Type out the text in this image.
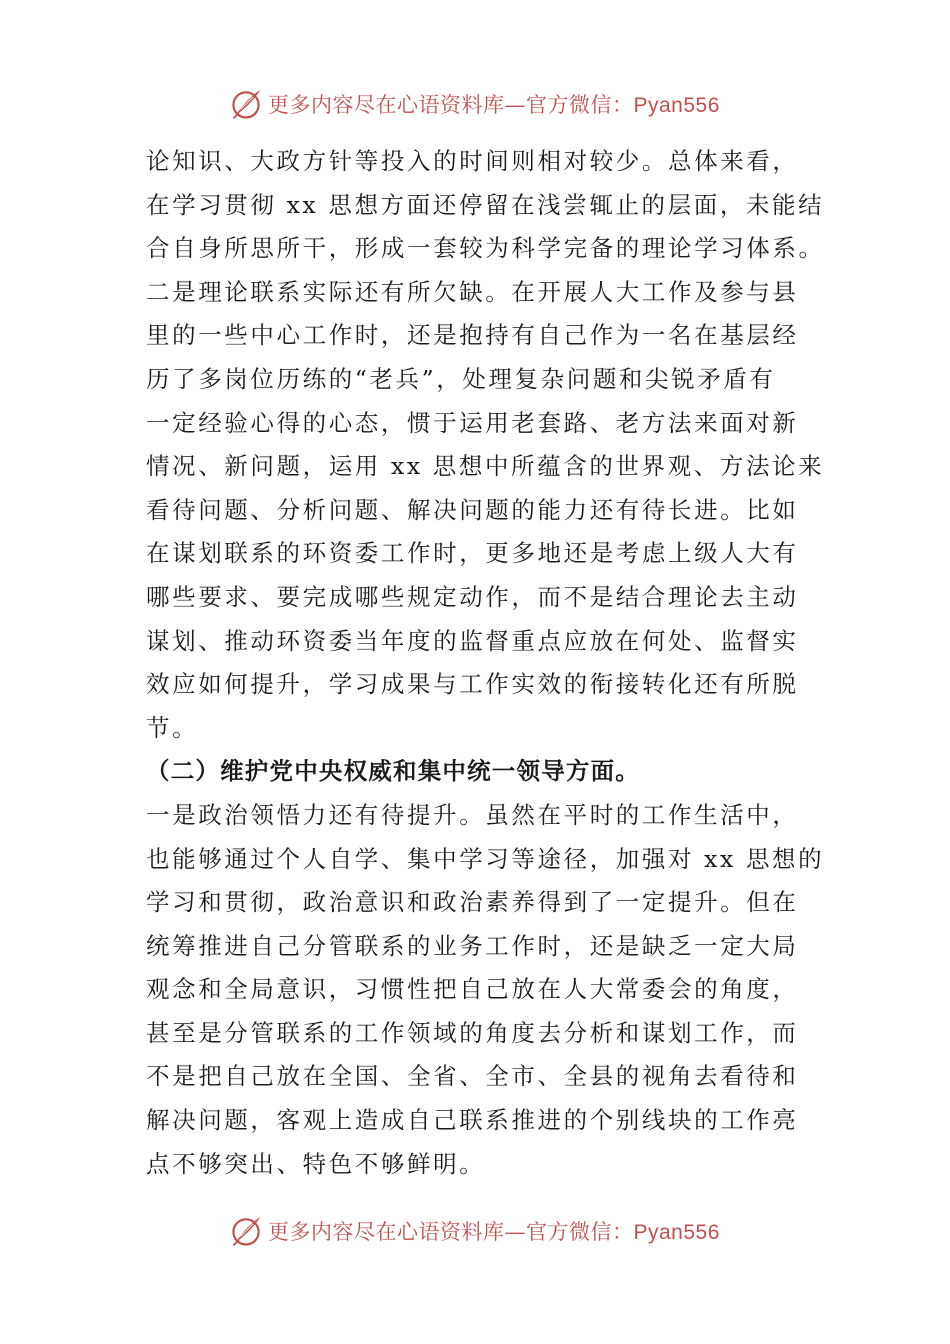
更多内容尽在心语资料库—官方微信：Pyan556
论知识、大政方针等投入的时间则相对较少。总体来看，
在学习贯彻 xx 思想方面还停留在浅尝辄止的层面，未能结
合自身所思所干，形成一套较为科学完备的理论学习体系。
二是理论联系实际还有所欠缺。在开展人大工作及参与县
里的一些中心工作时，还是抱持有自己作为一名在基层经
历了多岗位历练的“老兵”，处理复杂问题和尖锐矛盾有
一定经验心得的心态，惯于运用老套路、老方法来面对新
情况、新问题，运用 xx 思想中所蕴含的世界观、方法论来
看待问题、分析问题、解决问题的能力还有待长进。比如
在谋划联系的环资委工作时，更多地还是考虑上级人大有
哪些要求、要完成哪些规定动作，而不是结合理论去主动
谋划、推动环资委当年度的监督重点应放在何处、监督实
效应如何提升，学习成果与工作实效的衔接转化还有所脱
节。
（二）维护党中央权威和集中统一领导方面。
一是政治领悟力还有待提升。虽然在平时的工作生活中，
也能够通过个人自学、集中学习等途径，加强对 xx 思想的
学习和贯彻，政治意识和政治素养得到了一定提升。但在
统筹推进自己分管联系的业务工作时，还是缺乏一定大局
观念和全局意识，习惯性把自己放在人大常委会的角度，
甚至是分管联系的工作领域的角度去分析和谋划工作，而
不是把自己放在全国、全省、全市、全县的视角去看待和
解决问题，客观上造成自己联系推进的个别线块的工作亮
点不够突出、特色不够鲜明。
更多内容尽在心语资料库—官方微信：Pyan556
